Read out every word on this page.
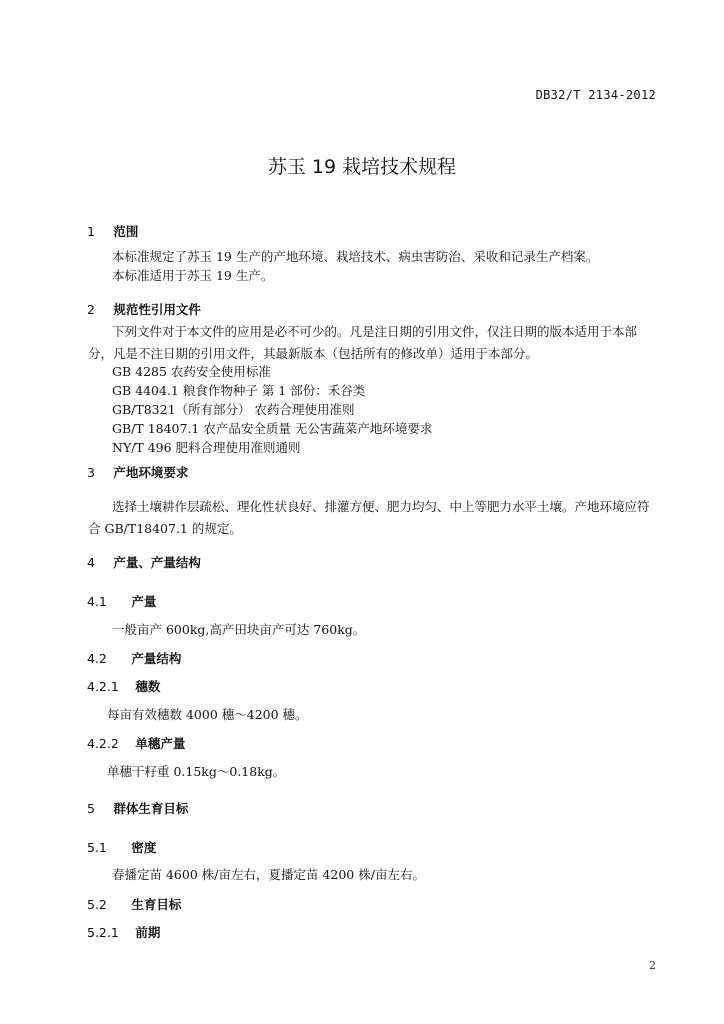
DB32/T 2134-2012
苏玉 19 栽培技术规程
1 范围
本标准规定了苏玉 19 生产的产地环境、栽培技术、病虫害防治、采收和记录生产档案。
本标准适用于苏玉 19 生产。
2 规范性引用文件
下列文件对于本文件的应用是必不可少的。凡是注日期的引用文件，仅注日期的版本适用于本部分，凡是不注日期的引用文件，其最新版本（包括所有的修改单）适用于本部分。
GB 4285 农药安全使用标准
GB 4404.1 粮食作物种子 第 1 部份：禾谷类
GB/T8321（所有部分） 农药合理使用准则
GB/T 18407.1 农产品安全质量 无公害蔬菜产地环境要求
NY/T 496 肥料合理使用准则通则
3 产地环境要求
选择土壤耕作层疏松、理化性状良好、排灌方便、肥力均匀、中上等肥力水平土壤。产地环境应符合 GB/T18407.1 的规定。
4 产量、产量结构
4.1 产量
一般亩产 600kg,高产田块亩产可达 760kg。
4.2 产量结构
4.2.1 穗数
每亩有效穗数 4000 穗～4200 穗。
4.2.2 单穗产量
单穗干籽重 0.15kg～0.18kg。
5 群体生育目标
5.1 密度
春播定苗 4600 株/亩左右，夏播定苗 4200 株/亩左右。
5.2 生育目标
5.2.1 前期
2
